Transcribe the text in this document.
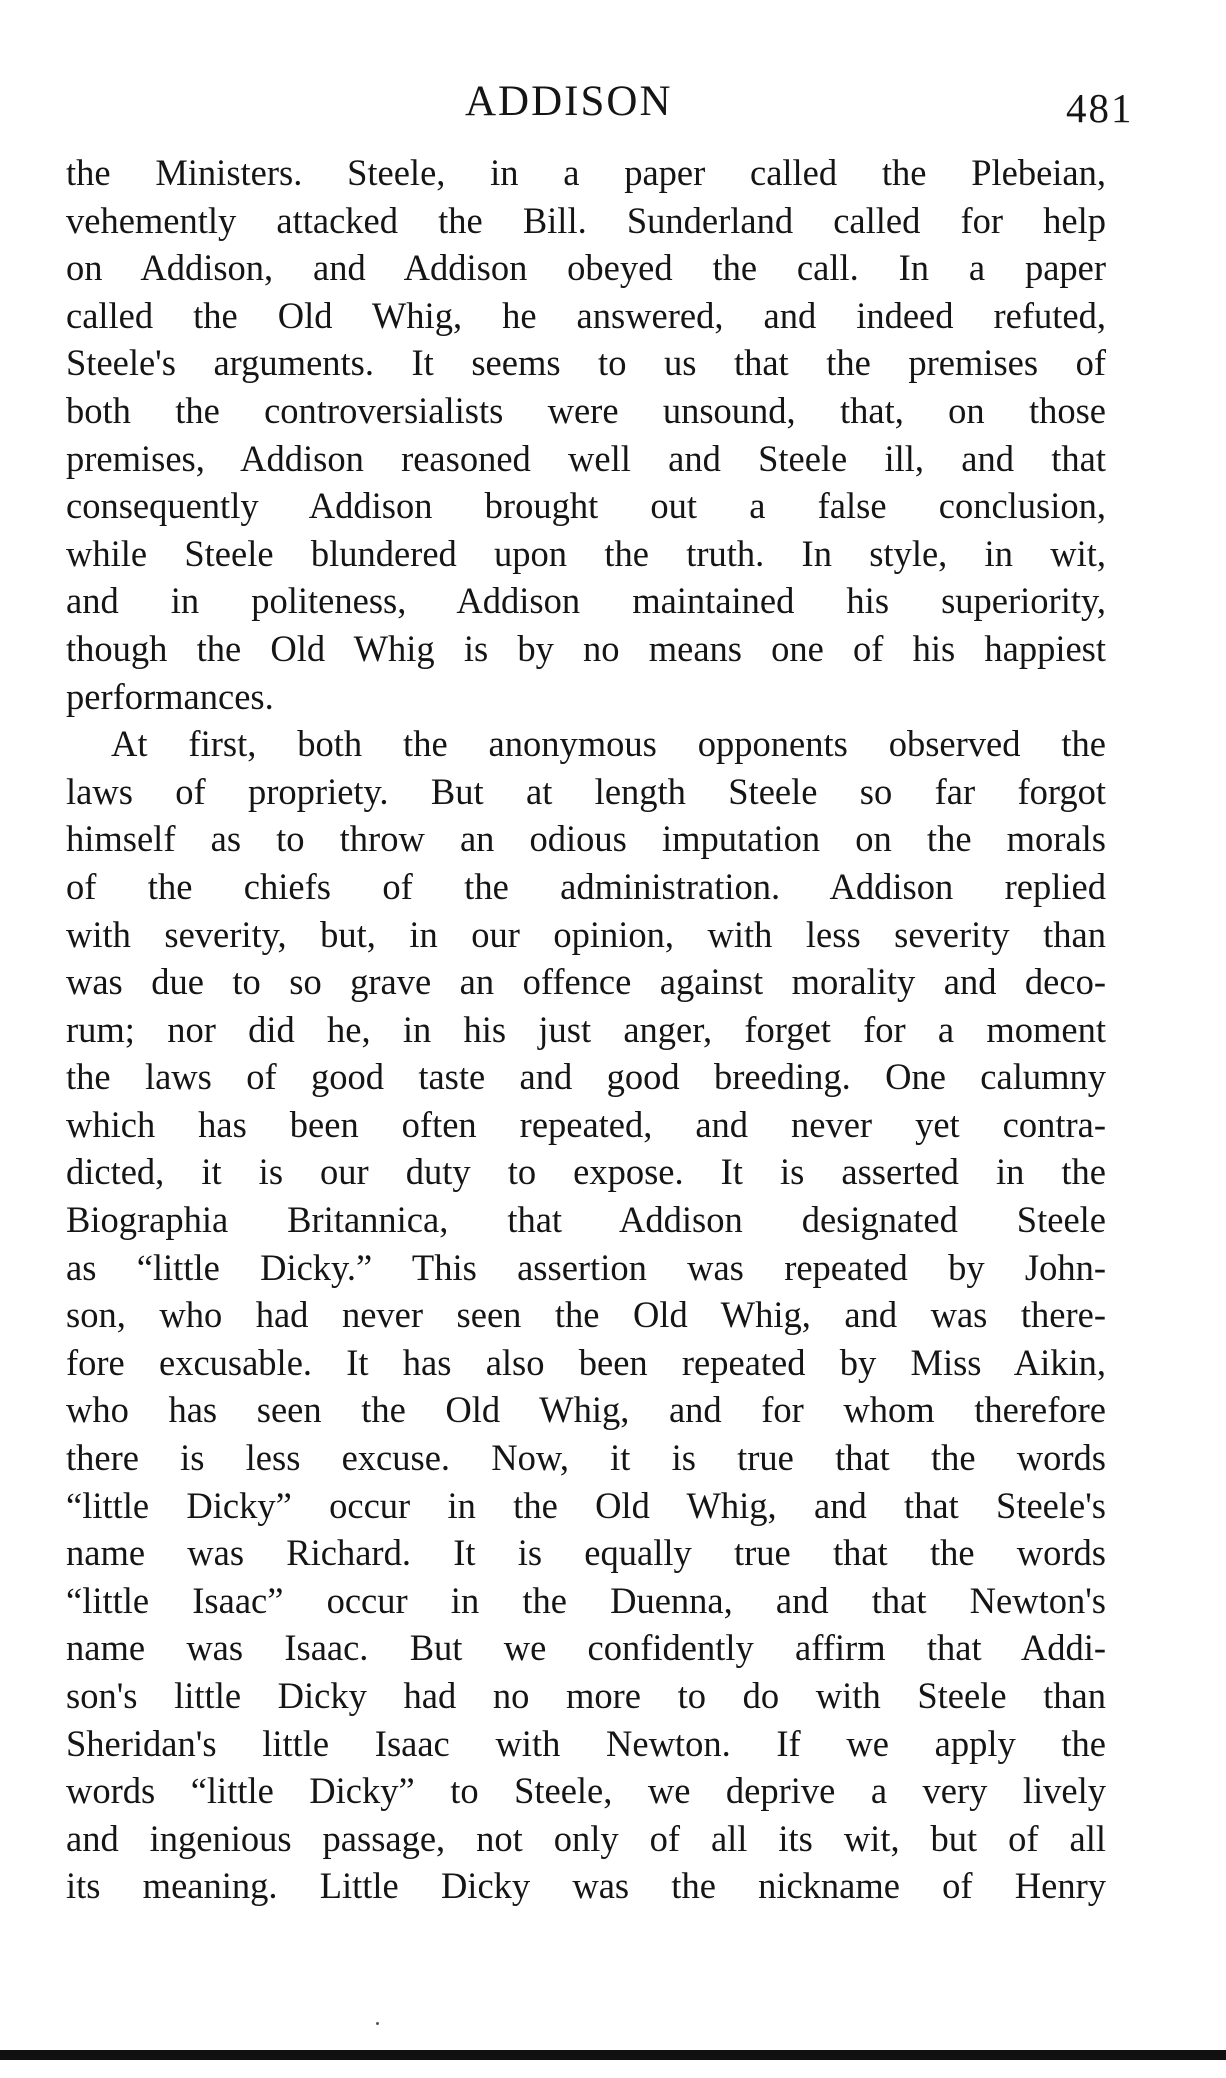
ADDISON	481
the Ministers. Steele, in a paper called the Plebeian,
vehemently attacked the Bill. Sunderland called for help
on Addison, and Addison obeyed the call. In a paper
called the Old Whig, he answered, and indeed refuted,
Steele's arguments. It seems to us that the premises of
both the controversialists were unsound, that, on those
premises, Addison reasoned well and Steele ill, and that
consequently Addison brought out a false conclusion,
while Steele blundered upon the truth. In style, in wit,
and in politeness, Addison maintained his superiority,
though the Old Whig is by no means one of his happiest
performances.
At first, both the anonymous opponents observed the
laws of propriety. But at length Steele so far forgot
himself as to throw an odious imputation on the morals
of the chiefs of the administration. Addison replied
with severity, but, in our opinion, with less severity than
was due to so grave an offence against morality and deco-
rum; nor did he, in his just anger, forget for a moment
the laws of good taste and good breeding. One calumny
which has been often repeated, and never yet contra-
dicted, it is our duty to expose. It is asserted in the
Biographia Britannica, that Addison designated Steele
as “little Dicky.” This assertion was repeated by John-
son, who had never seen the Old Whig, and was there-
fore excusable. It has also been repeated by Miss Aikin,
who has seen the Old Whig, and for whom therefore
there is less excuse. Now, it is true that the words
“little Dicky” occur in the Old Whig, and that Steele's
name was Richard. It is equally true that the words
“little Isaac” occur in the Duenna, and that Newton's
name was Isaac. But we confidently affirm that Addi-
son's little Dicky had no more to do with Steele than
Sheridan's little Isaac with Newton. If we apply the
words “little Dicky” to Steele, we deprive a very lively
and ingenious passage, not only of all its wit, but of all
its meaning. Little Dicky was the nickname of Henry
